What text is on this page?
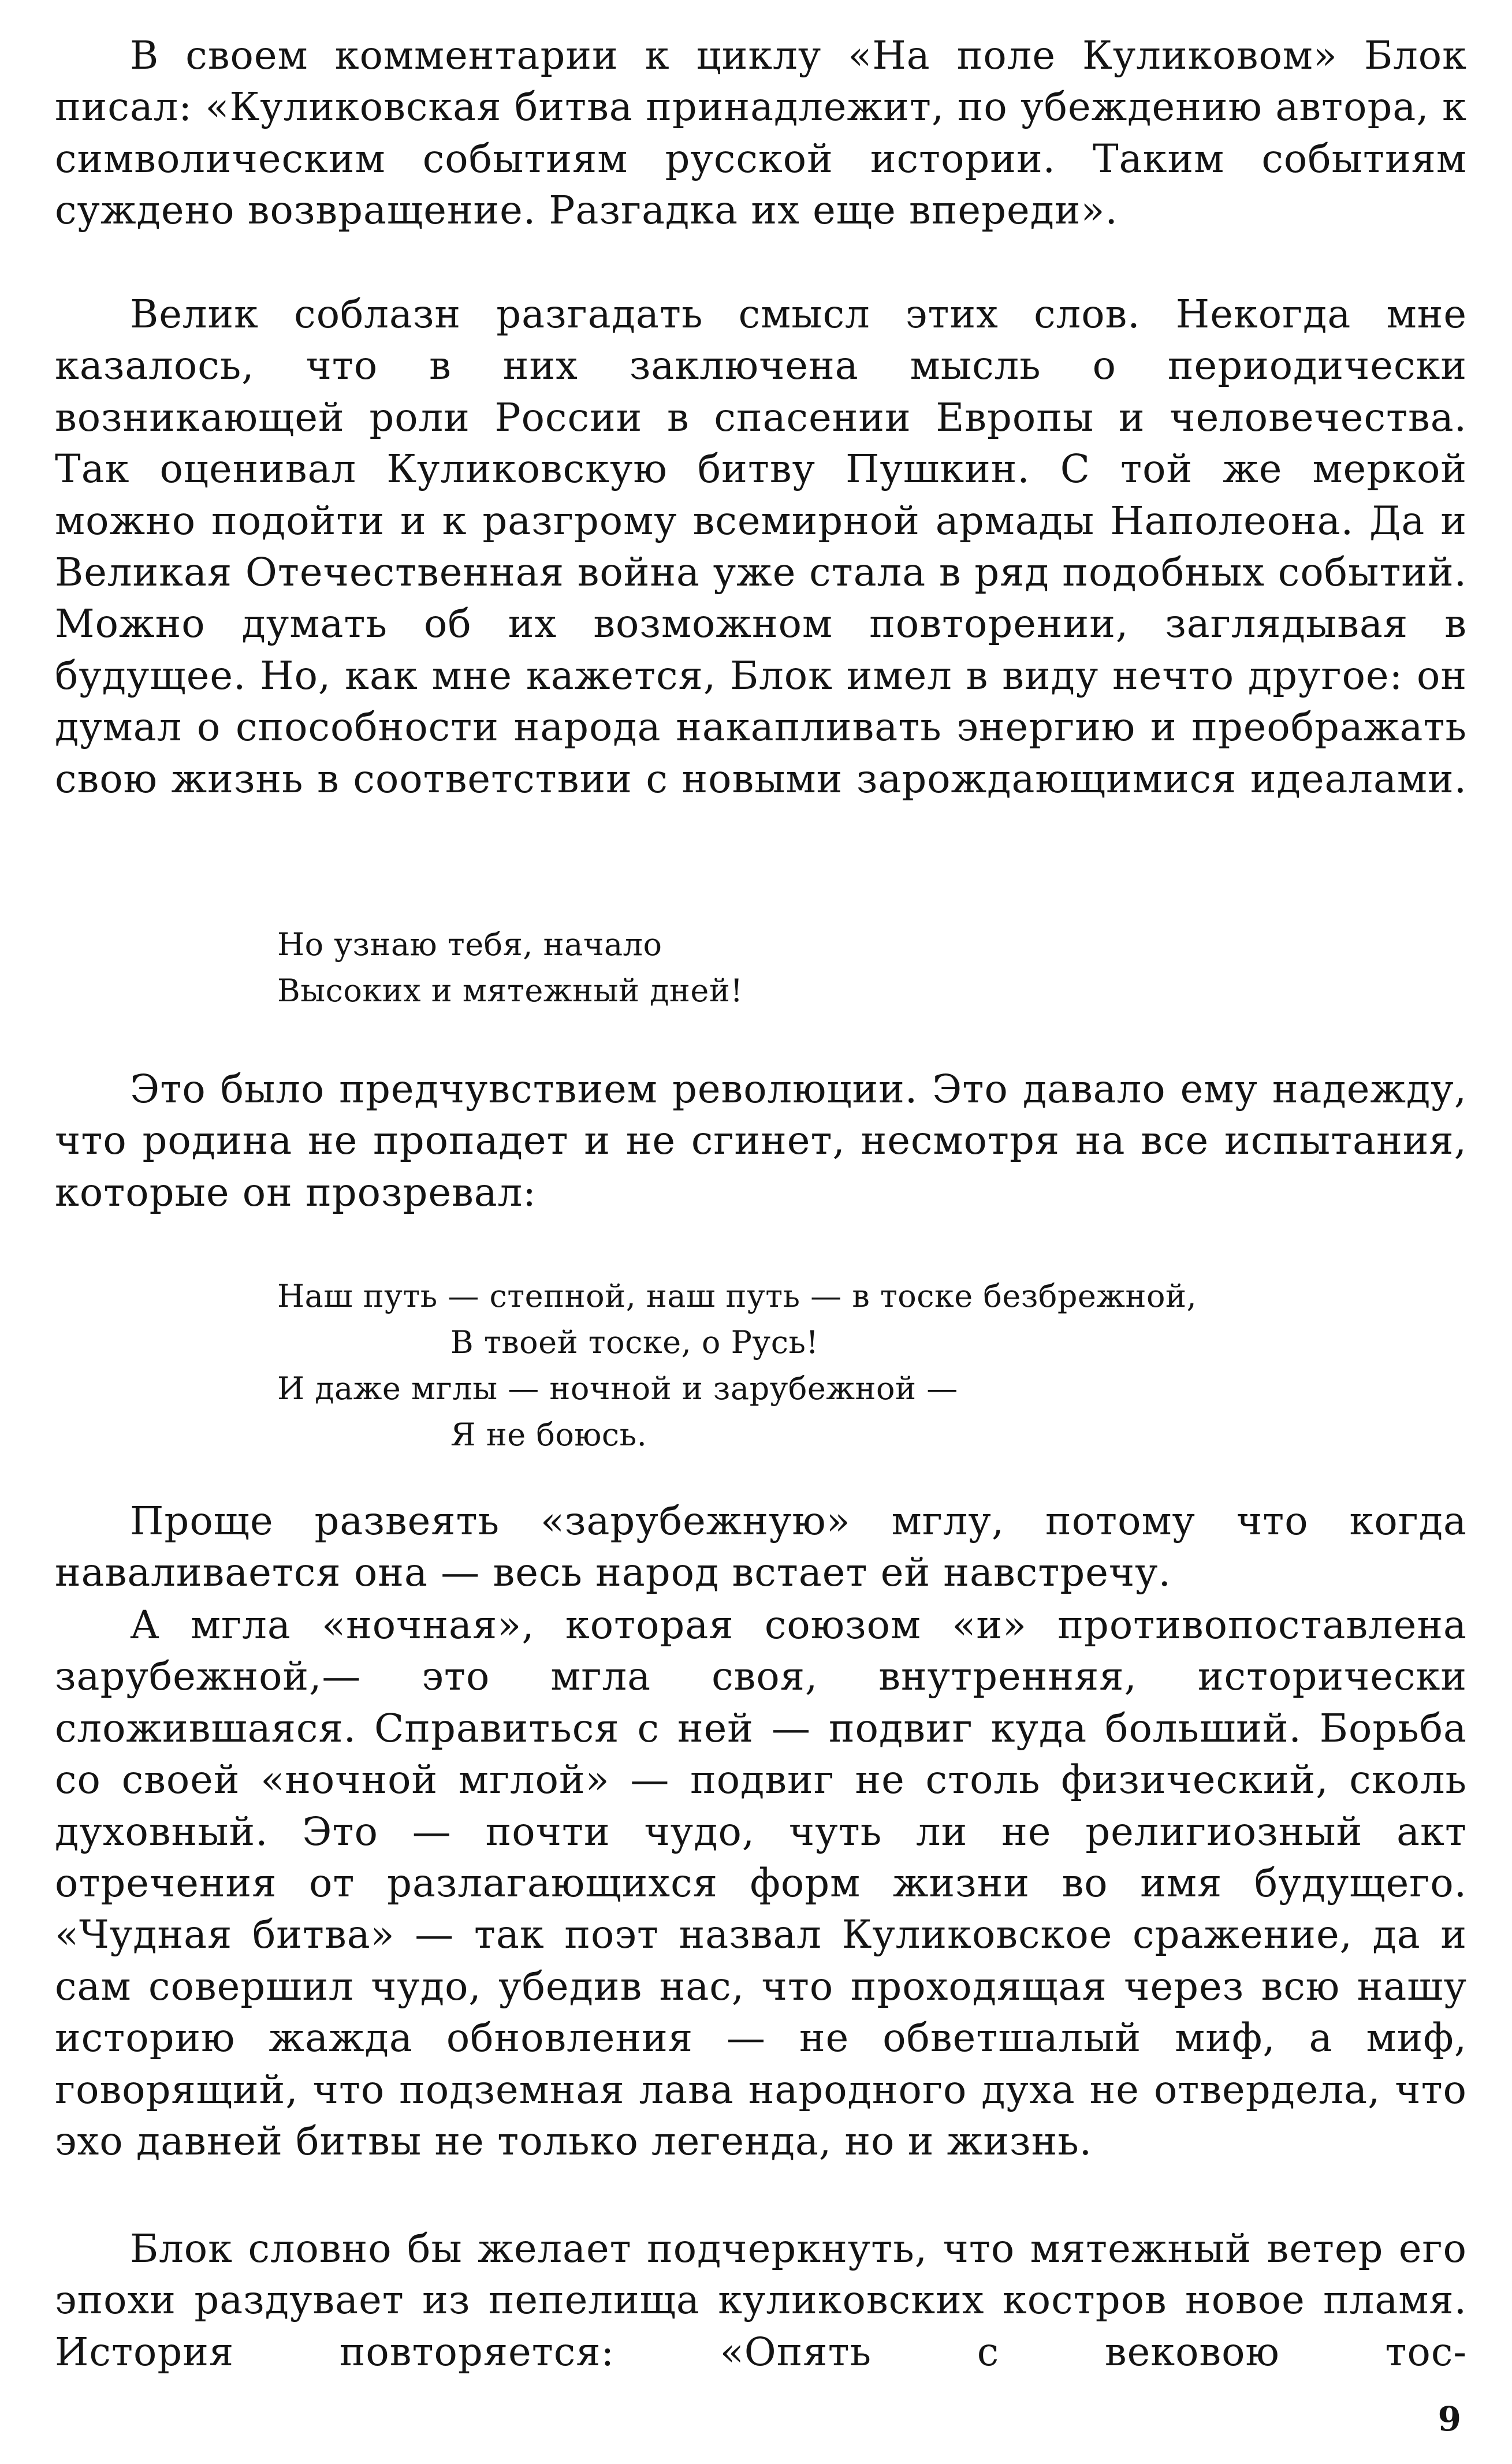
В своем комментарии к циклу «На поле Куликовом» Блок писал: «Куликовская битва принадлежит, по убеждению автора, к символическим событиям русской истории. Таким событиям суждено возвращение. Разгадка их еще впереди».

Велик соблазн разгадать смысл этих слов. Некогда мне казалось, что в них заключена мысль о периодически возникающей роли России в спасении Европы и человечества. Так оценивал Куликовскую битву Пушкин. С той же меркой можно подойти и к разгрому всемирной армады Наполеона. Да и Великая Отечественная война уже стала в ряд подобных событий. Можно думать об их возможном повторении, заглядывая в будущее. Но, как мне кажется, Блок имел в виду нечто другое: он думал о способности народа накапливать энергию и преображать свою жизнь в соответствии с новыми зарождающимися идеалами.

Но узнаю тебя, начало
Высоких и мятежный дней!

Это было предчувствием революции. Это давало ему надежду, что родина не пропадет и не сгинет, несмотря на все испытания, которые он прозревал:

Наш путь — степной, наш путь — в тоске безбрежной,
В твоей тоске, о Русь!
И даже мглы — ночной и зарубежной —
Я не боюсь.

Проще развеять «зарубежную» мглу, потому что когда наваливается она — весь народ встает ей навстречу.

А мгла «ночная», которая союзом «и» противопоставлена зарубежной,— это мгла своя, внутренняя, исторически сложившаяся. Справиться с ней — подвиг куда больший. Борьба со своей «ночной мглой» — подвиг не столь физический, сколь духовный. Это — почти чудо, чуть ли не религиозный акт отречения от разлагающихся форм жизни во имя будущего. «Чудная битва» — так поэт назвал Куликовское сражение, да и сам совершил чудо, убедив нас, что проходящая через всю нашу историю жажда обновления — не обветшалый миф, а миф, говорящий, что подземная лава народного духа не отвердела, что эхо давней битвы не только легенда, но и жизнь.

Блок словно бы желает подчеркнуть, что мятежный ветер его эпохи раздувает из пепелища куликовских костров новое пламя. История повторяется: «Опять с вековою тос-

9
